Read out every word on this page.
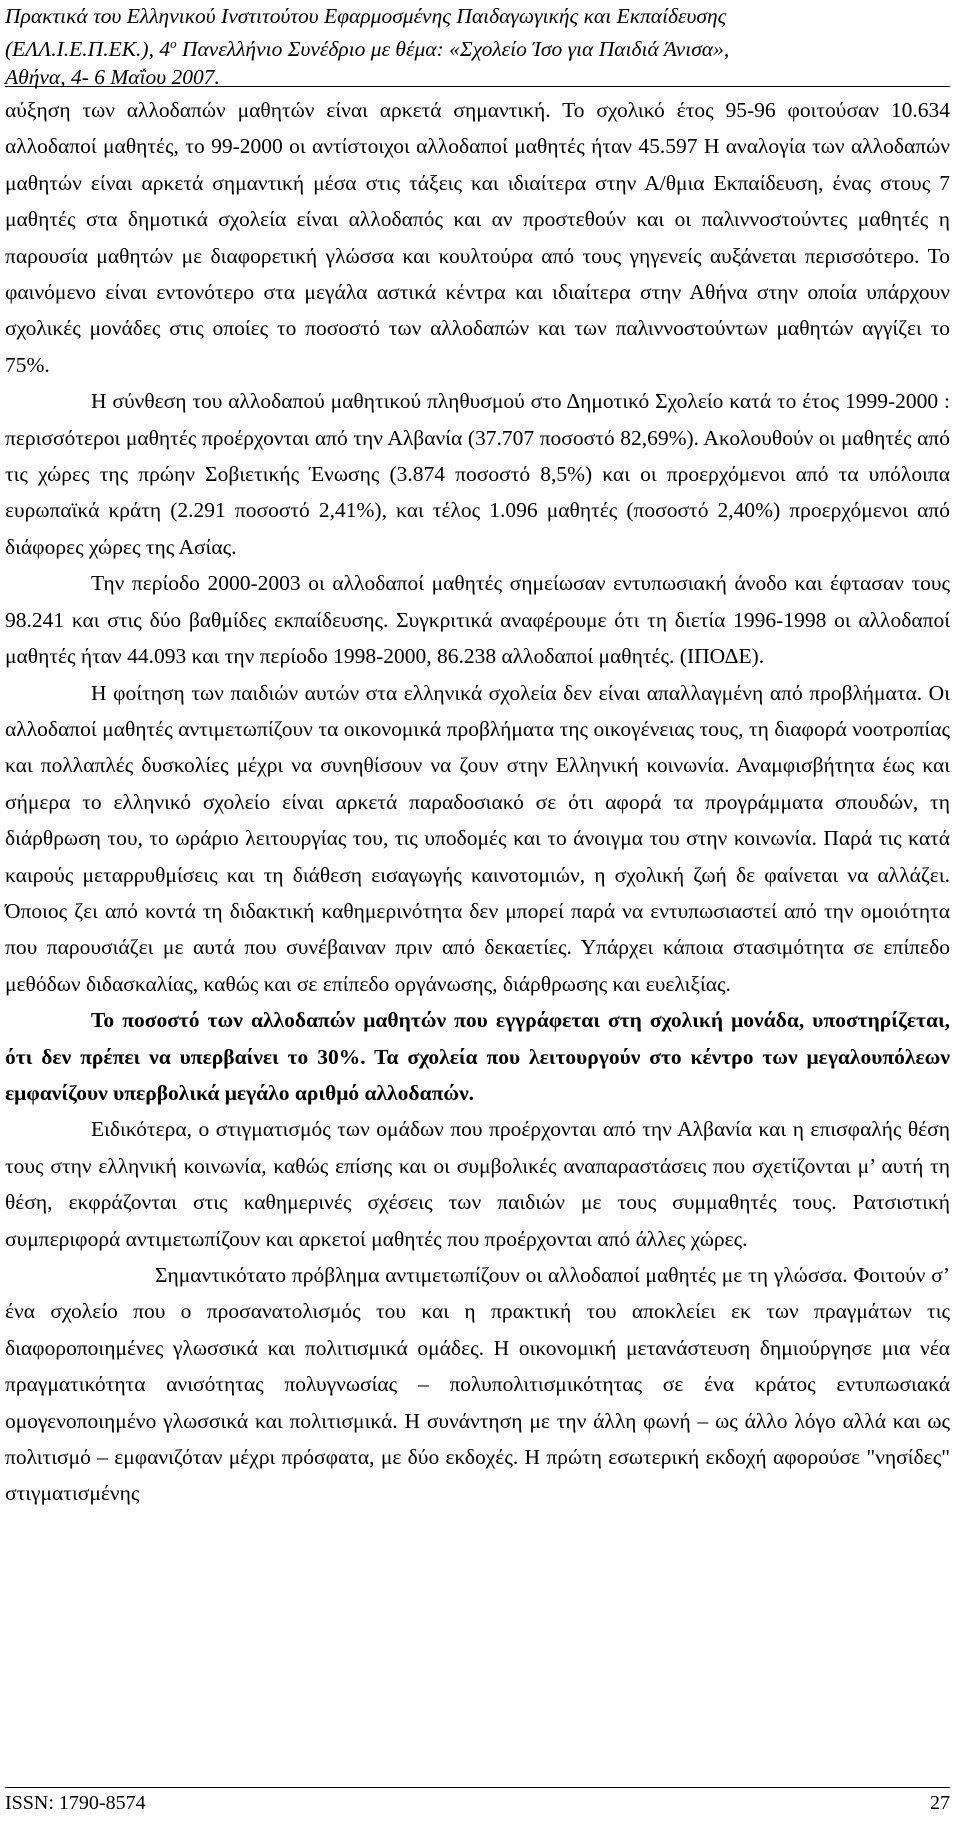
Πρακτικά του Ελληνικού Ινστιτούτου Εφαρμοσμένης Παιδαγωγικής και Εκπαίδευσης
(ΕΛΛ.Ι.Ε.Π.ΕΚ.), $4^o$ Πανελλήνιο Συνέδριο με θέμα: «Σχολείο Ίσο για Παιδιά Άνισα»,
Αθήνα, 4- 6 Μαΐου 2007.

αύξηση των αλλοδαπών μαθητών είναι αρκετά σημαντική. Το σχολικό έτος 95-96 φοιτούσαν 10.634 αλλοδαποί μαθητές, το 99-2000 οι αντίστοιχοι αλλοδαποί μαθητές ήταν 45.597 Η αναλογία των αλλοδαπών μαθητών είναι αρκετά σημαντική μέσα στις τάξεις και ιδιαίτερα στην Α/θμια Εκπαίδευση, ένας στους 7 μαθητές στα δημοτικά σχολεία είναι αλλοδαπός και αν προστεθούν και οι παλιννοστούντες μαθητές η παρουσία μαθητών με διαφορετική γλώσσα και κουλτούρα από τους γηγενείς αυξάνεται περισσότερο. Το φαινόμενο είναι εντονότερο στα μεγάλα αστικά κέντρα και ιδιαίτερα στην Αθήνα στην οποία υπάρχουν σχολικές μονάδες στις οποίες το ποσοστό των αλλοδαπών και των παλιννοστούντων μαθητών αγγίζει το 75%.

Η σύνθεση του αλλοδαπού μαθητικού πληθυσμού στο Δημοτικό Σχολείο κατά το έτος 1999-2000 : περισσότεροι μαθητές προέρχονται από την Αλβανία (37.707 ποσοστό 82,69%). Ακολουθούν οι μαθητές από τις χώρες της πρώην Σοβιετικής Ένωσης (3.874 ποσοστό 8,5%) και οι προερχόμενοι από τα υπόλοιπα ευρωπαϊκά κράτη (2.291 ποσοστό 2,41%), και τέλος 1.096 μαθητές (ποσοστό 2,40%) προερχόμενοι από διάφορες χώρες της Ασίας.

Την περίοδο 2000-2003 οι αλλοδαποί μαθητές σημείωσαν εντυπωσιακή άνοδο και έφτασαν τους 98.241 και στις δύο βαθμίδες εκπαίδευσης. Συγκριτικά αναφέρουμε ότι τη διετία 1996-1998 οι αλλοδαποί μαθητές ήταν 44.093 και την περίοδο 1998-2000, 86.238 αλλοδαποί μαθητές. (ΙΠΟΔΕ).

Η φοίτηση των παιδιών αυτών στα ελληνικά σχολεία δεν είναι απαλλαγμένη από προβλήματα. Οι αλλοδαποί μαθητές αντιμετωπίζουν τα οικονομικά προβλήματα της οικογένειας τους, τη διαφορά νοοτροπίας και πολλαπλές δυσκολίες μέχρι να συνηθίσουν να ζουν στην Ελληνική κοινωνία. Αναμφισβήτητα έως και σήμερα το ελληνικό σχολείο είναι αρκετά παραδοσιακό σε ότι αφορά τα προγράμματα σπουδών, τη διάρθρωση του, το ωράριο λειτουργίας του, τις υποδομές και το άνοιγμα του στην κοινωνία. Παρά τις κατά καιρούς μεταρρυθμίσεις και τη διάθεση εισαγωγής καινοτομιών, η σχολική ζωή δε φαίνεται να αλλάζει. Όποιος ζει από κοντά τη διδακτική καθημερινότητα δεν μπορεί παρά να εντυπωσιαστεί από την ομοιότητα που παρουσιάζει με αυτά που συνέβαιναν πριν από δεκαετίες. Υπάρχει κάποια στασιμότητα σε επίπεδο μεθόδων διδασκαλίας, καθώς και σε επίπεδο οργάνωσης, διάρθρωσης και ευελιξίας.

Το ποσοστό των αλλοδαπών μαθητών που εγγράφεται στη σχολική μονάδα, υποστηρίζεται, ότι δεν πρέπει να υπερβαίνει το 30%. Τα σχολεία που λειτουργούν στο κέντρο των μεγαλουπόλεων εμφανίζουν υπερβολικά μεγάλο αριθμό αλλοδαπών.

Ειδικότερα, ο στιγματισμός των ομάδων που προέρχονται από την Αλβανία και η επισφαλής θέση τους στην ελληνική κοινωνία, καθώς επίσης και οι συμβολικές αναπαραστάσεις που σχετίζονται μ’ αυτή τη θέση, εκφράζονται στις καθημερινές σχέσεις των παιδιών με τους συμμαθητές τους. Ρατσιστική συμπεριφορά αντιμετωπίζουν και αρκετοί μαθητές που προέρχονται από άλλες χώρες.

Σημαντικότατο πρόβλημα αντιμετωπίζουν οι αλλοδαποί μαθητές με τη γλώσσα. Φοιτούν σ’ ένα σχολείο που ο προσανατολισμός του και η πρακτική του αποκλείει εκ των πραγμάτων τις διαφοροποιημένες γλωσσικά και πολιτισμικά ομάδες. Η οικονομική μετανάστευση δημιούργησε μια νέα πραγματικότητα ανισότητας πολυγνωσίας – πολυπολιτισμικότητας σε ένα κράτος εντυπωσιακά ομογενοποιημένο γλωσσικά και πολιτισμικά. Η συνάντηση με την άλλη φωνή – ως άλλο λόγο αλλά και ως πολιτισμό – εμφανιζόταν μέχρι πρόσφατα, με δύο εκδοχές. Η πρώτη εσωτερική εκδοχή αφορούσε "νησίδες" στιγματισμένης

ISSN: 1790-8574	27
